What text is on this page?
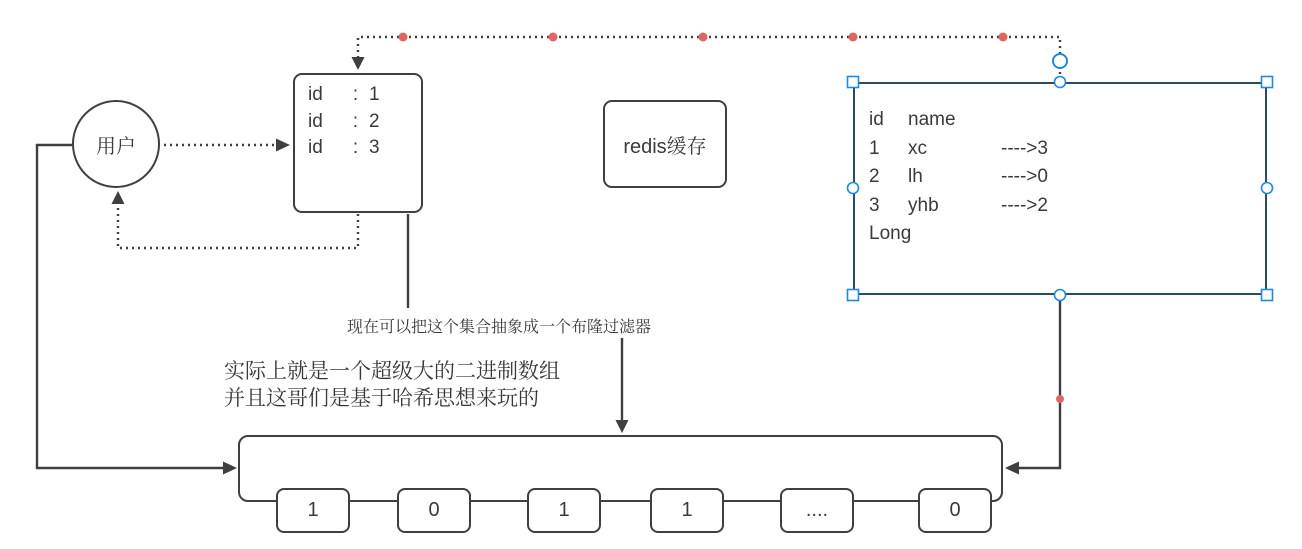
用户
id	: 1
id	: 2
id	: 3	redis缓存
id	name
1	xc	---->3
2	lh	---->0
3	yhb	---->2
Long
1	0	1	1	....	0
现在可以把这个集合抽象成一个布隆过滤器
实际上就是一个超级大的二进制数组
并且这哥们是基于哈希思想来玩的
